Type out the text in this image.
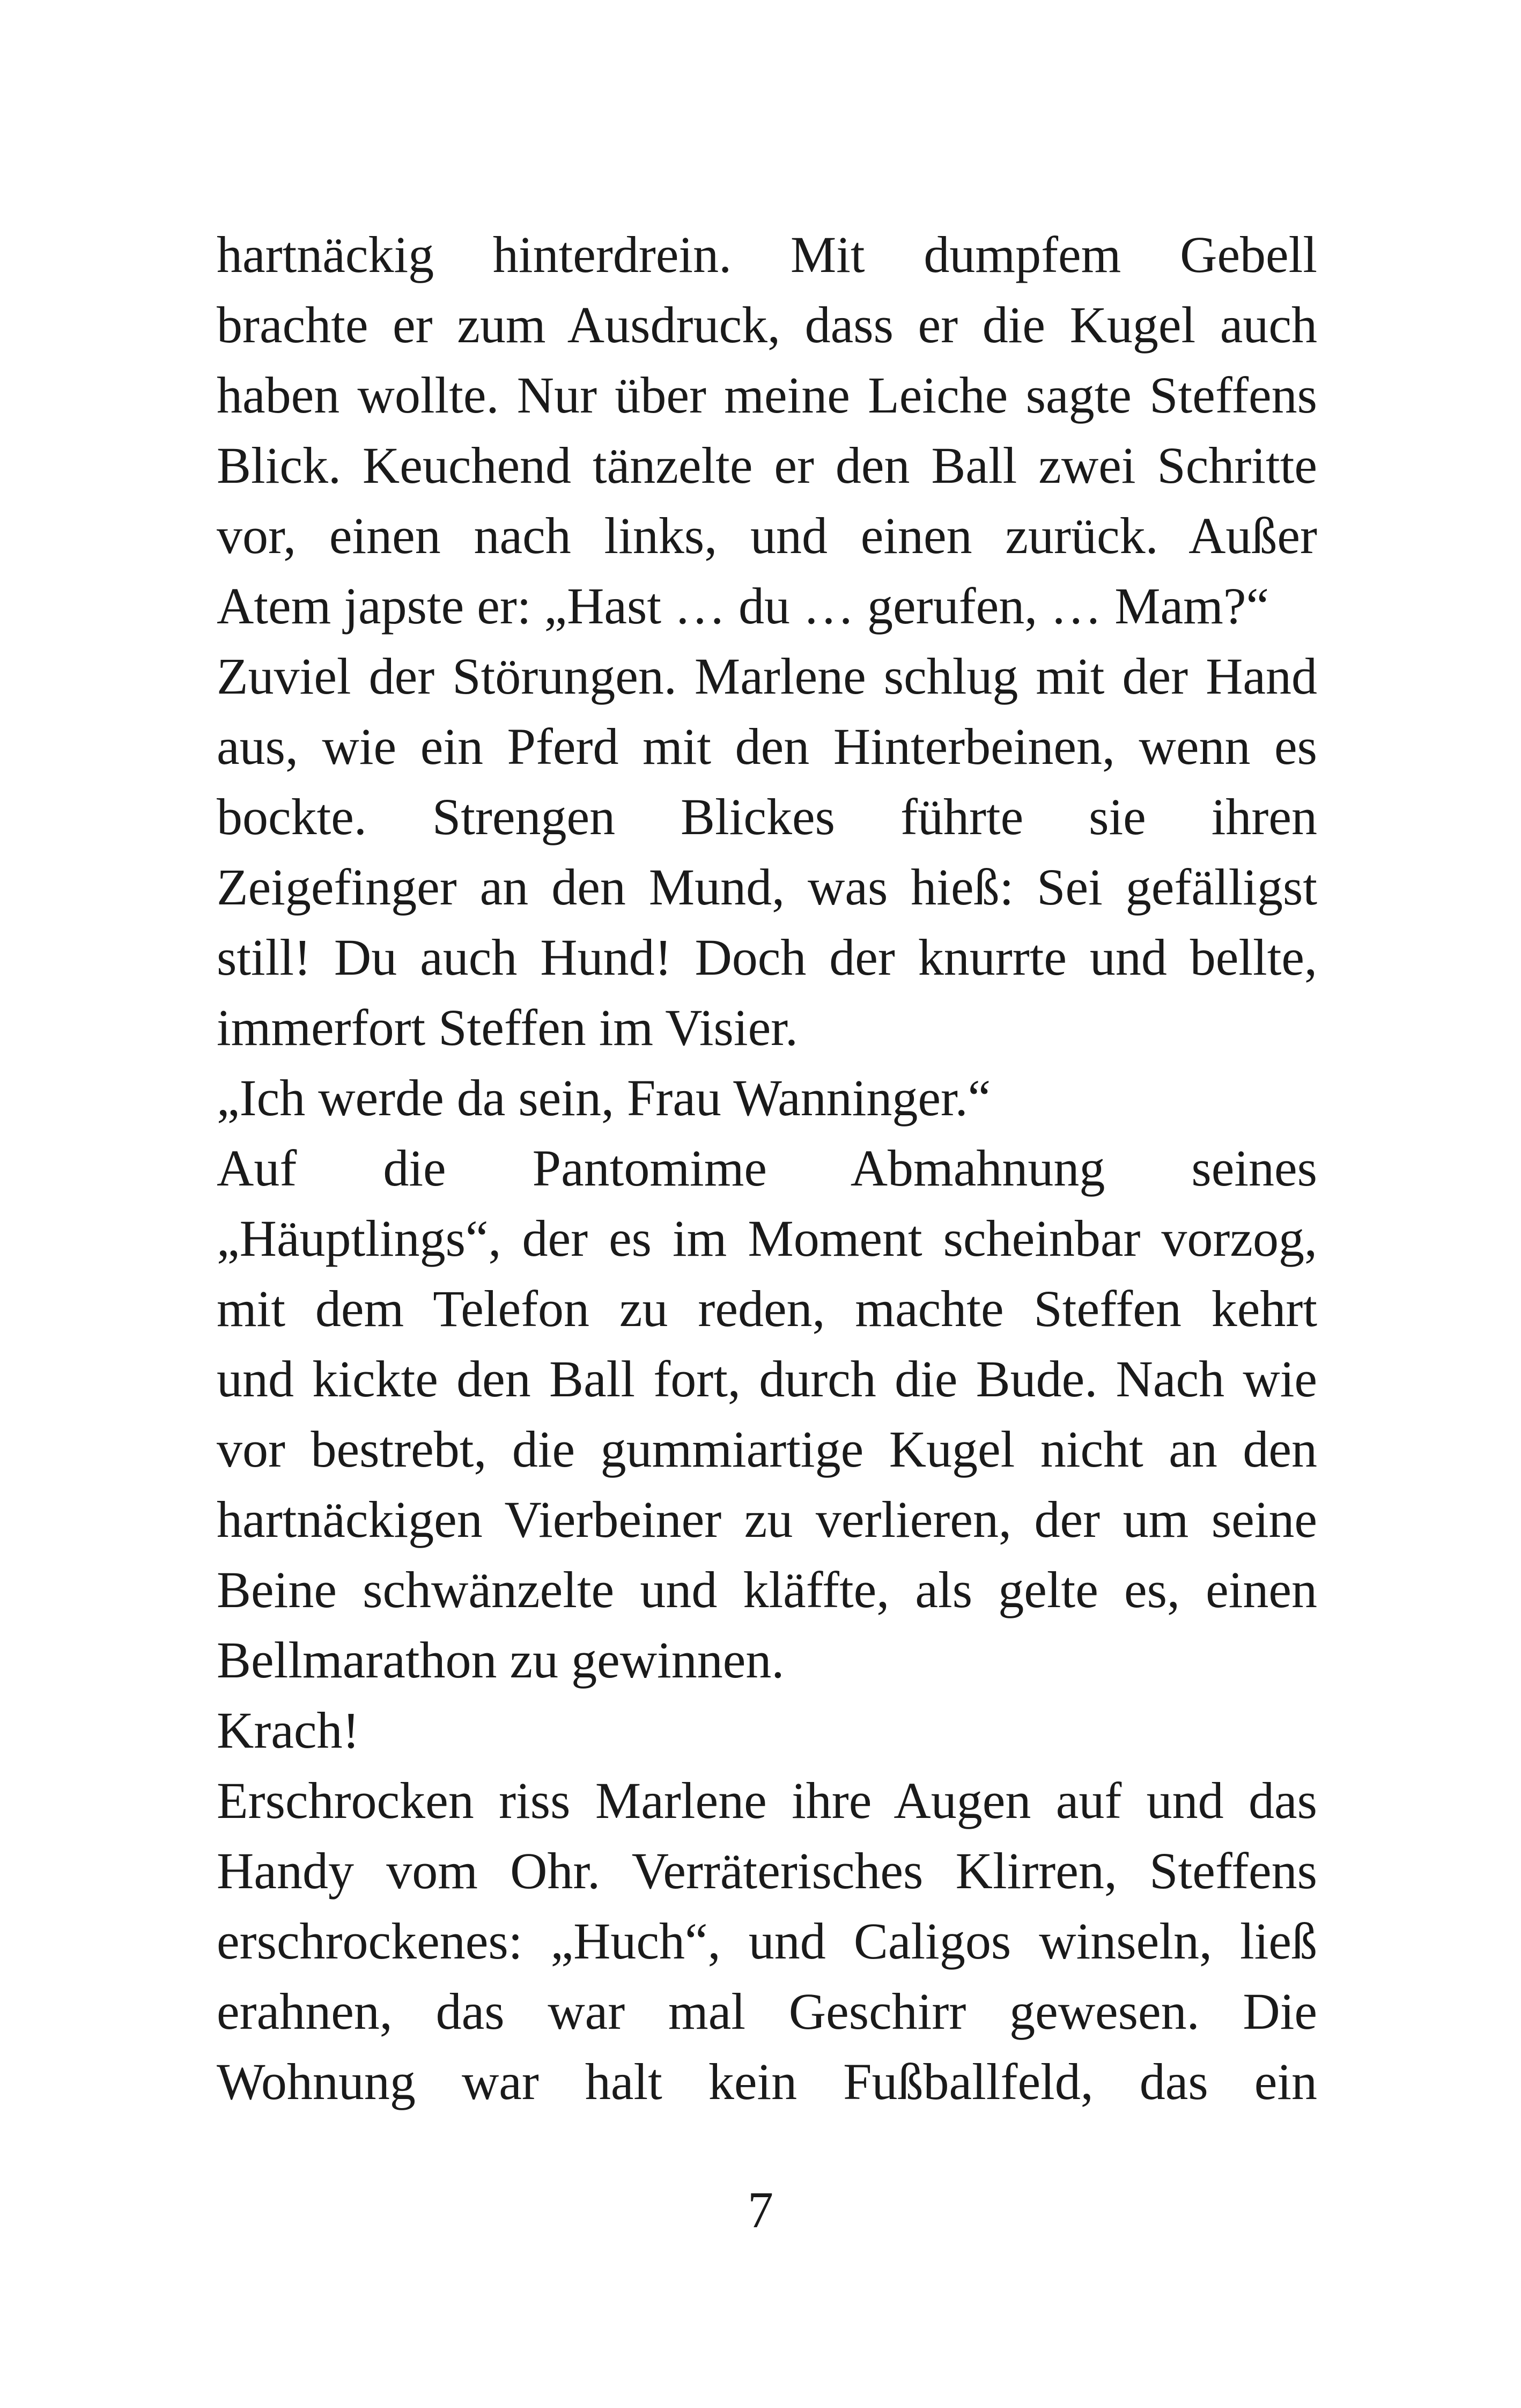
hartnäckig hinterdrein. Mit dumpfem Gebell
brachte er zum Ausdruck, dass er die Kugel auch
haben wollte. Nur über meine Leiche sagte Steffens
Blick. Keuchend tänzelte er den Ball zwei Schritte
vor, einen nach links, und einen zurück. Außer
Atem japste er: „Hast … du … gerufen, … Mam?“
Zuviel der Störungen. Marlene schlug mit der Hand
aus, wie ein Pferd mit den Hinterbeinen, wenn es
bockte. Strengen Blickes führte sie ihren
Zeigefinger an den Mund, was hieß: Sei gefälligst
still! Du auch Hund! Doch der knurrte und bellte,
immerfort Steffen im Visier.
„Ich werde da sein, Frau Wanninger.“
Auf die Pantomime Abmahnung seines
„Häuptlings“, der es im Moment scheinbar vorzog,
mit dem Telefon zu reden, machte Steffen kehrt
und kickte den Ball fort, durch die Bude. Nach wie
vor bestrebt, die gummiartige Kugel nicht an den
hartnäckigen Vierbeiner zu verlieren, der um seine
Beine schwänzelte und kläffte, als gelte es, einen
Bellmarathon zu gewinnen.
Krach!
Erschrocken riss Marlene ihre Augen auf und das
Handy vom Ohr. Verräterisches Klirren, Steffens
erschrockenes: „Huch“, und Caligos winseln, ließ
erahnen, das war mal Geschirr gewesen. Die
Wohnung war halt kein Fußballfeld, das ein
7
